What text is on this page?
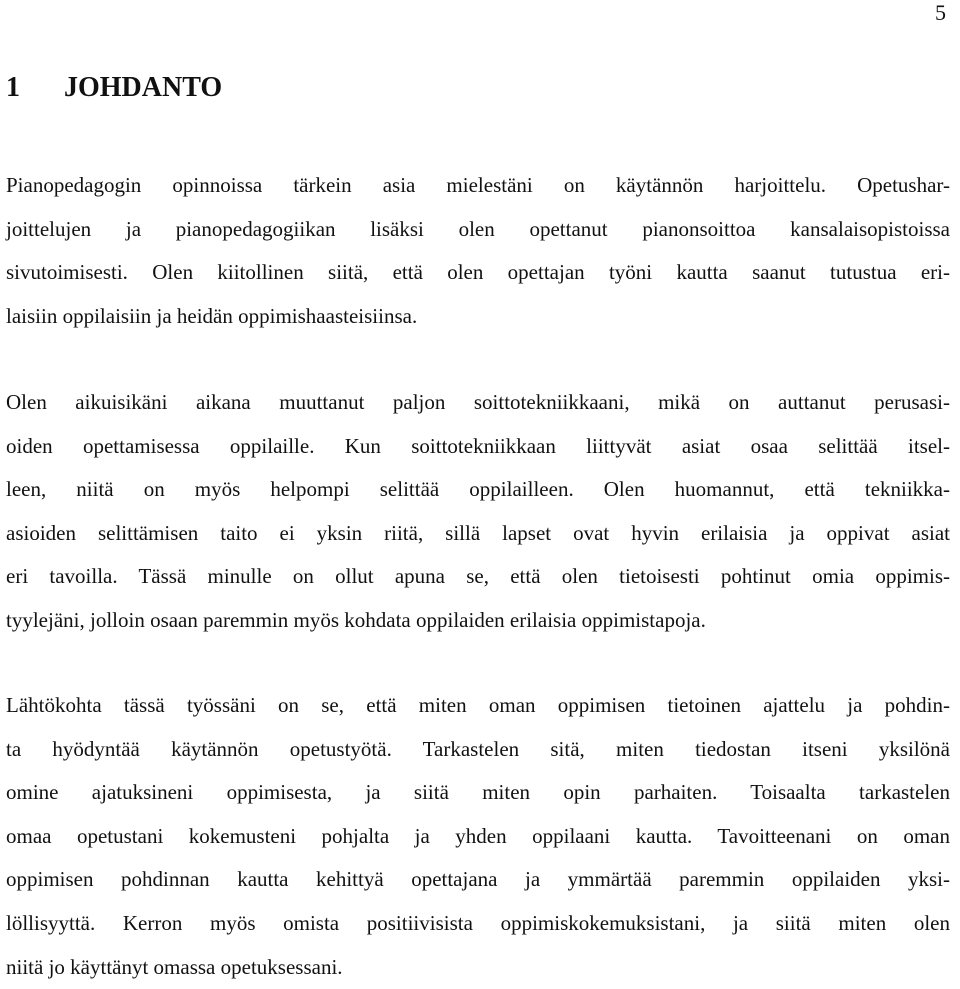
5
1 JOHDANTO
Pianopedagogin opinnoissa tärkein asia mielestäni on käytännön harjoittelu. Opetushar-
joittelujen ja pianopedagogiikan lisäksi olen opettanut pianonsoittoa kansalaisopistoissa
sivutoimisesti. Olen kiitollinen siitä, että olen opettajan työni kautta saanut tutustua eri-
laisiin oppilaisiin ja heidän oppimishaasteisiinsa.
Olen aikuisikäni aikana muuttanut paljon soittotekniikkaani, mikä on auttanut perusasi-
oiden opettamisessa oppilaille. Kun soittotekniikkaan liittyvät asiat osaa selittää itsel-
leen, niitä on myös helpompi selittää oppilailleen. Olen huomannut, että tekniikka-
asioiden selittämisen taito ei yksin riitä, sillä lapset ovat hyvin erilaisia ja oppivat asiat
eri tavoilla. Tässä minulle on ollut apuna se, että olen tietoisesti pohtinut omia oppimis-
tyylejäni, jolloin osaan paremmin myös kohdata oppilaiden erilaisia oppimistapoja.
Lähtökohta tässä työssäni on se, että miten oman oppimisen tietoinen ajattelu ja pohdin-
ta hyödyntää käytännön opetustyötä. Tarkastelen sitä, miten tiedostan itseni yksilönä
omine ajatuksineni oppimisesta, ja siitä miten opin parhaiten. Toisaalta tarkastelen
omaa opetustani kokemusteni pohjalta ja yhden oppilaani kautta. Tavoitteenani on oman
oppimisen pohdinnan kautta kehittyä opettajana ja ymmärtää paremmin oppilaiden yksi-
löllisyyttä. Kerron myös omista positiivisista oppimiskokemuksistani, ja siitä miten olen
niitä jo käyttänyt omassa opetuksessani.
